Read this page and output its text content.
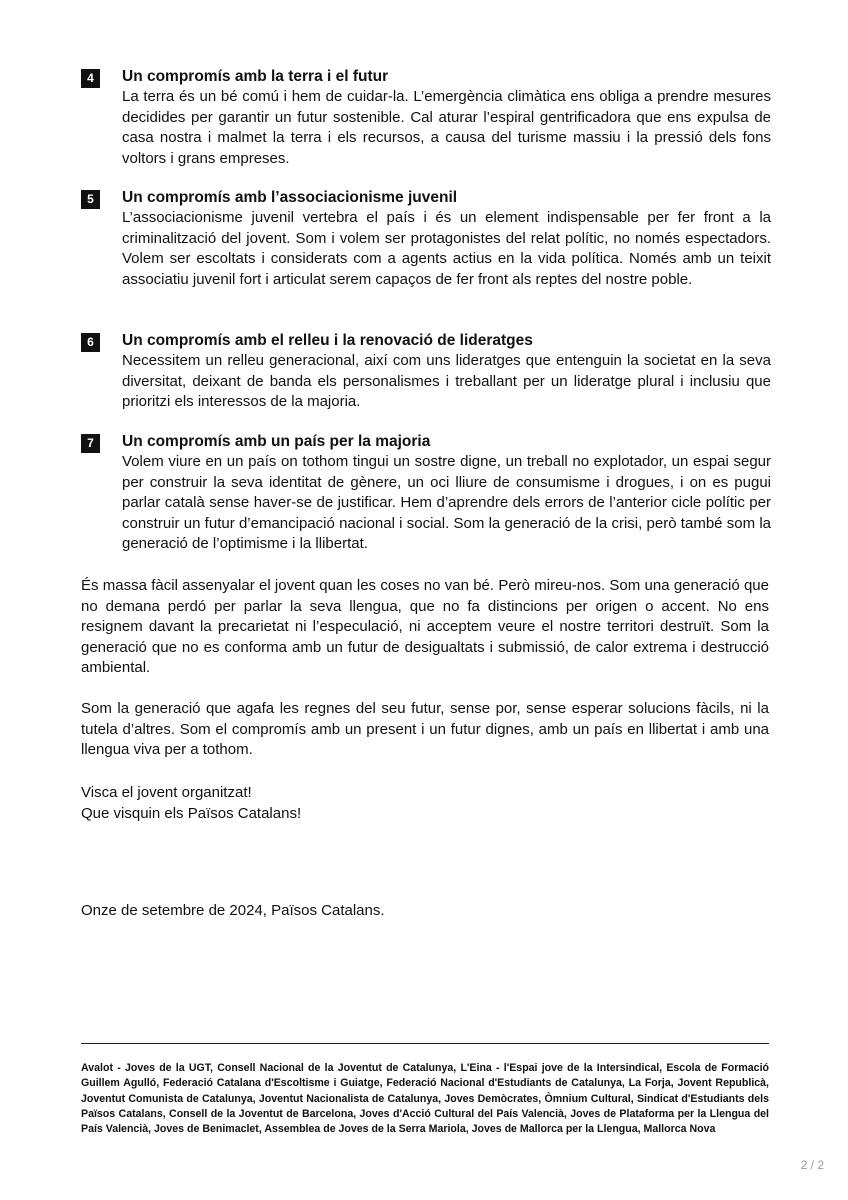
4	Un compromís amb la terra i el futur

La terra és un bé comú i hem de cuidar-la. L’emergència climàtica ens obliga a prendre mesures decidides per garantir un futur sostenible. Cal aturar l’espiral gentrificadora que ens expulsa de casa nostra i malmet la terra i els recursos, a causa del turisme massiu i la pressió dels fons voltors i grans empreses.

5	Un compromís amb l’associacionisme juvenil

L’associacionisme juvenil vertebra el país i és un element indispensable per fer front a la criminalització del jovent. Som i volem ser protagonistes del relat polític, no només espectadors. Volem ser escoltats i considerats com a agents actius en la vida política. Només amb un teixit associatiu juvenil fort i articulat serem capaços de fer front als reptes del nostre poble.

6	Un compromís amb el relleu i la renovació de lideratges

Necessitem un relleu generacional, així com uns lideratges que entenguin la societat en la seva diversitat, deixant de banda els personalismes i treballant per un lideratge plural i inclusiu que prioritzi els interessos de la majoria.

7	Un compromís amb un país per la majoria

Volem viure en un país on tothom tingui un sostre digne, un treball no explotador, un espai segur per construir la seva identitat de gènere, un oci lliure de consumisme i drogues, i on es pugui parlar català sense haver-se de justificar. Hem d’aprendre dels errors de l’anterior cicle polític per construir un futur d’emancipació nacional i social. Som la generació de la crisi, però també som la generació de l’optimisme i la llibertat.

És massa fàcil assenyalar el jovent quan les coses no van bé. Però mireu-nos. Som una generació que no demana perdó per parlar la seva llengua, que no fa distincions per origen o accent. No ens resignem davant la precarietat ni l’especulació, ni acceptem veure el nostre territori destruït. Som la generació que no es conforma amb un futur de desigualtats i submissió, de calor extrema i destrucció ambiental.

Som la generació que agafa les regnes del seu futur, sense por, sense esperar solucions fàcils, ni la tutela d’altres. Som el compromís amb un present i un futur dignes, amb un país en llibertat i amb una llengua viva per a tothom.

Visca el jovent organitzat!

Que visquin els Països Catalans!

Onze de setembre de 2024, Països Catalans.

Avalot - Joves de la UGT, Consell Nacional de la Joventut de Catalunya, L'Eina - l'Espai jove de la Intersindical, Escola de Formació Guillem Agulló, Federació Catalana d'Escoltisme i Guiatge, Federació Nacional d'Estudiants de Catalunya, La Forja, Jovent Republicà, Joventut Comunista de Catalunya, Joventut Nacionalista de Catalunya, Joves Demòcrates, Òmnium Cultural, Sindicat d'Estudiants dels Països Catalans, Consell de la Joventut de Barcelona, Joves d'Acció Cultural del País Valencià, Joves de Plataforma per la Llengua del País Valencià, Joves de Benimaclet, Assemblea de Joves de la Serra Mariola, Joves de Mallorca per la Llengua, Mallorca Nova

2 / 2
